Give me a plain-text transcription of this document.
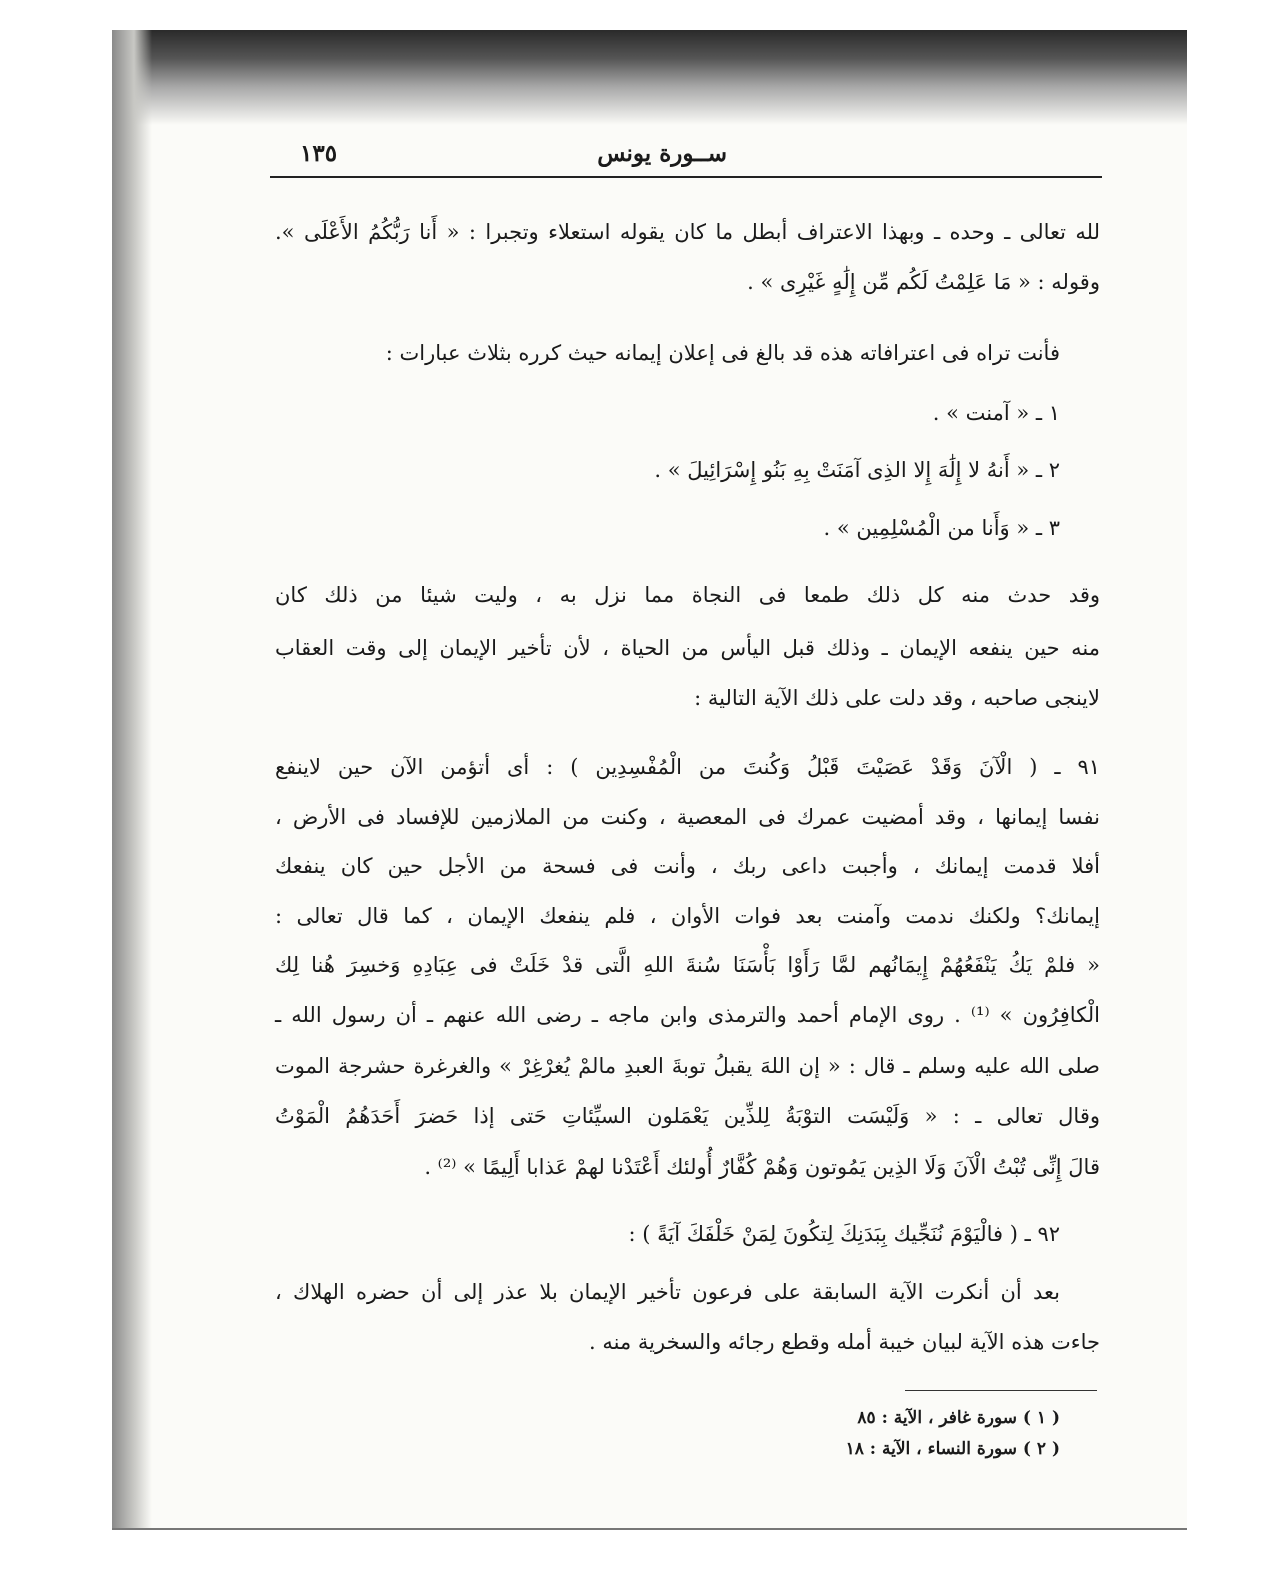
ســورة يونس
١٣٥
لله تعالى ـ وحده ـ وبهذا الاعتراف أبطل ما كان يقوله استعلاء وتجبرا : « أَنا رَبُّكُمُ الأَعْلَى ».
وقوله : « مَا عَلِمْتُ لَكُم مِّن إِلَٰهٍ غَيْرِى » .
فأنت تراه فى اعترافاته هذه قد بالغ فى إعلان إيمانه حيث كرره بثلاث عبارات :
١ ـ « آمنت » .
٢ ـ « أَنهُ لا إِلَٰهَ إِلا الذِى آمَنَتْ بِهِ بَنُو إِسْرَائِيلَ » .
٣ ـ « وَأَنا من الْمُسْلِمِين » .
وقد حدث منه كل ذلك طمعا فى النجاة مما نزل به ، وليت شيئا من ذلك كان
منه حين ينفعه الإيمان ـ وذلك قبل اليأس من الحياة ، لأن تأخير الإيمان إلى وقت العقاب
لاينجى صاحبه ، وقد دلت على ذلك الآية التالية :
٩١ ـ ( الْآنَ وَقَدْ عَصَيْتَ قَبْلُ وَكُنتَ من الْمُفْسِدِين ) : أى أتؤمن الآن حين لاينفع
نفسا إيمانها ، وقد أمضيت عمرك فى المعصية ، وكنت من الملازمين للإفساد فى الأرض ،
أفلا قدمت إيمانك ، وأجبت داعى ربك ، وأنت فى فسحة من الأجل حين كان ينفعك
إيمانك؟ ولكنك ندمت وآمنت بعد فوات الأوان ، فلم ينفعك الإيمان ، كما قال تعالى :
« فلمْ يَكُ يَنْفَعُهُمْ إِيمَانُهم لمَّا رَأَوْا بَأْسَنَا سُنةَ اللهِ الَّتى قدْ خَلَتْ فى عِبَادِهِ وَخسِرَ هُنا لِك
الْكافِرُون » ⁽¹⁾ . روى الإمام أحمد والترمذى وابن ماجه ـ رضى الله عنهم ـ أن رسول الله ـ
صلى الله عليه وسلم ـ قال : « إن اللهَ يقبلُ توبةَ العبدِ مالمْ يُغرْغِرْ » والغرغرة حشرجة الموت
وقال تعالى ـ : « وَلَيْسَت التوْبَةُ لِلذِّين يَعْمَلون السيِّئاتِ حَتى إذا حَضرَ أَحَدَهُمُ الْمَوْتُ
قالَ إِنِّى تُبْتُ الْآنَ وَلَا الذِين يَمُوتون وَهُمْ كُفَّارٌ أُولئك أَعْتَدْنا لهمْ عَذابا أَلِيمًا » ⁽²⁾ .
٩٢ ـ ( فالْيَوْمَ نُنَجِّيك بِبَدَنِكَ لِتكُونَ لِمَنْ خَلْفَكَ آيَةً ) :
بعد أن أنكرت الآية السابقة على فرعون تأخير الإيمان بلا عذر إلى أن حضره الهلاك ،
جاءت هذه الآية لبيان خيبة أمله وقطع رجائه والسخرية منه .
( ١ ) سورة غافر ، الآية : ٨٥
( ٢ ) سورة النساء ، الآية : ١٨
